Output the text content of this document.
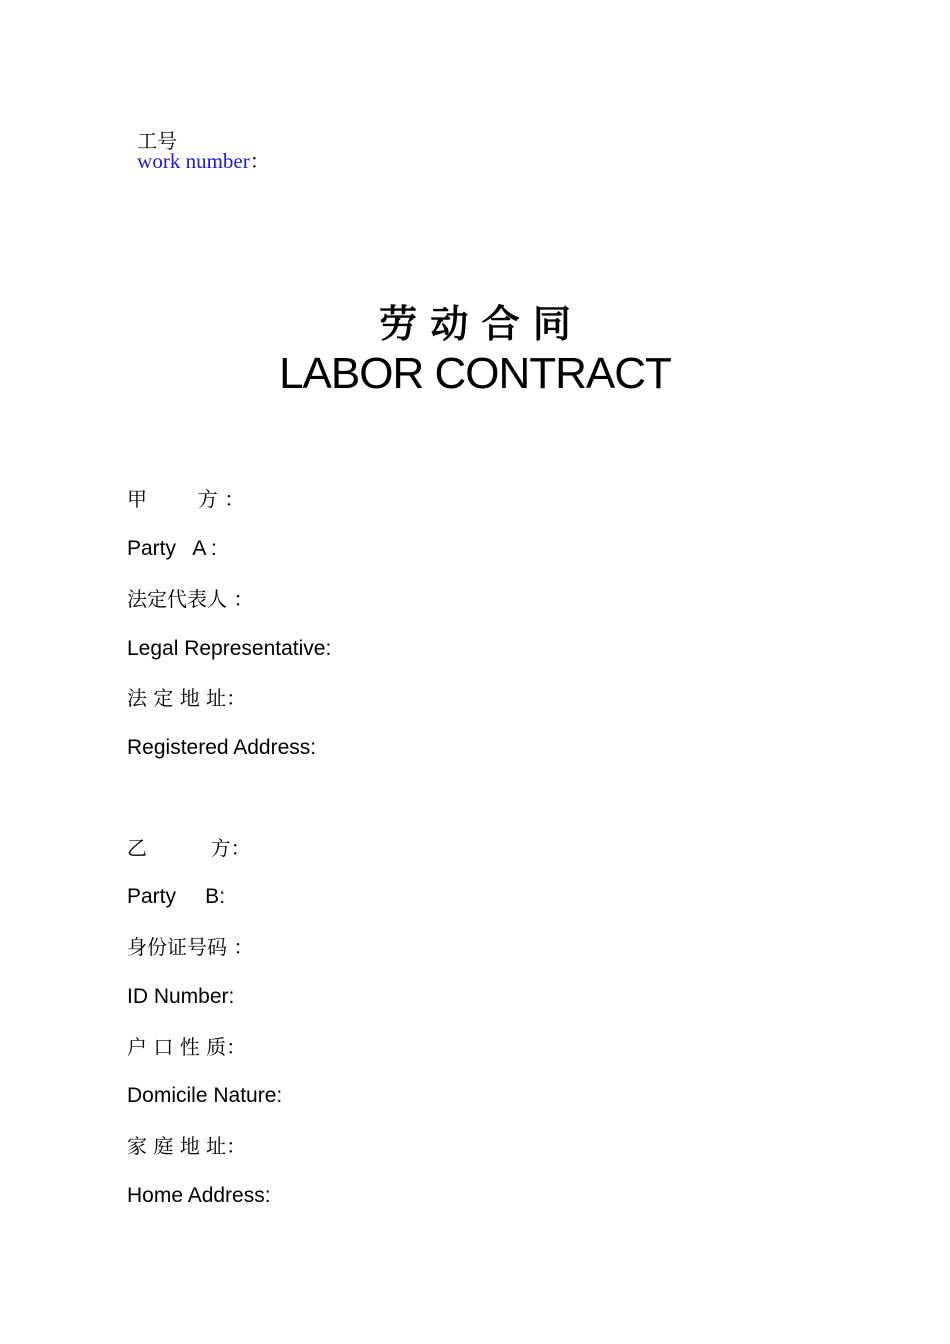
工号
work number：

劳 动 合 同
LABOR CONTRACT
甲        方 ：
Party   A :
法定代表人 ：
Legal Representative:
法 定 地 址：
Registered Address:
乙          方：
Party     B:
身份证号码 ：
ID Number:
户 口 性 质：
Domicile Nature:
家 庭 地 址：
Home Address:
